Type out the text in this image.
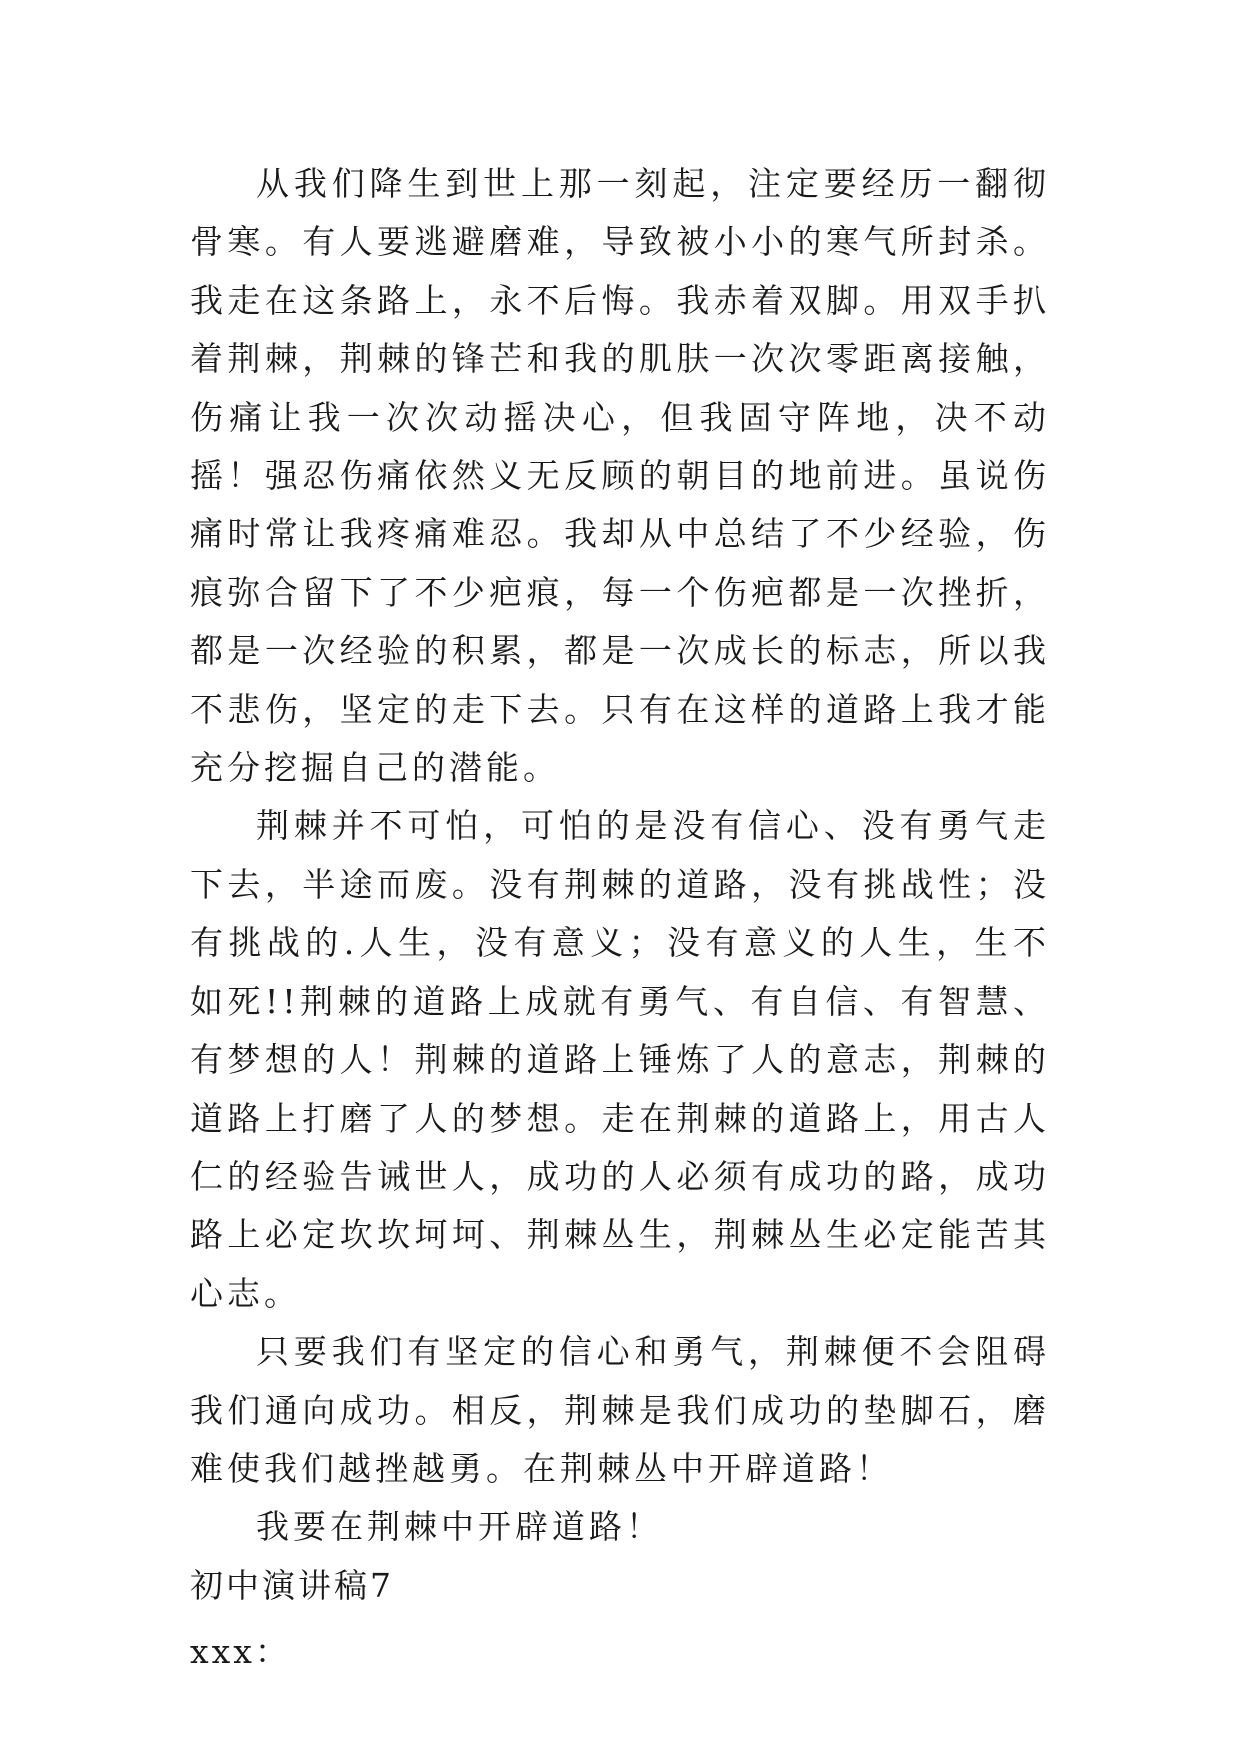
从我们降生到世上那一刻起，注定要经历一翻彻骨寒。有人要逃避磨难，导致被小小的寒气所封杀。我走在这条路上，永不后悔。我赤着双脚。用双手扒着荆棘，荆棘的锋芒和我的肌肤一次次零距离接触，伤痛让我一次次动摇决心，但我固守阵地，决不动摇！强忍伤痛依然义无反顾的朝目的地前进。虽说伤痛时常让我疼痛难忍。我却从中总结了不少经验，伤痕弥合留下了不少疤痕，每一个伤疤都是一次挫折，都是一次经验的积累，都是一次成长的标志，所以我不悲伤，坚定的走下去。只有在这样的道路上我才能充分挖掘自己的潜能。

荆棘并不可怕，可怕的是没有信心、没有勇气走下去，半途而废。没有荆棘的道路，没有挑战性；没有挑战的.人生，没有意义；没有意义的人生，生不如死!!荆棘的道路上成就有勇气、有自信、有智慧、有梦想的人！荆棘的道路上锤炼了人的意志，荆棘的道路上打磨了人的梦想。走在荆棘的道路上，用古人仁的经验告诫世人，成功的人必须有成功的路，成功路上必定坎坎坷坷、荆棘丛生，荆棘丛生必定能苦其心志。

只要我们有坚定的信心和勇气，荆棘便不会阻碍我们通向成功。相反，荆棘是我们成功的垫脚石，磨难使我们越挫越勇。在荆棘丛中开辟道路！

我要在荆棘中开辟道路！

初中演讲稿7

xxx：
